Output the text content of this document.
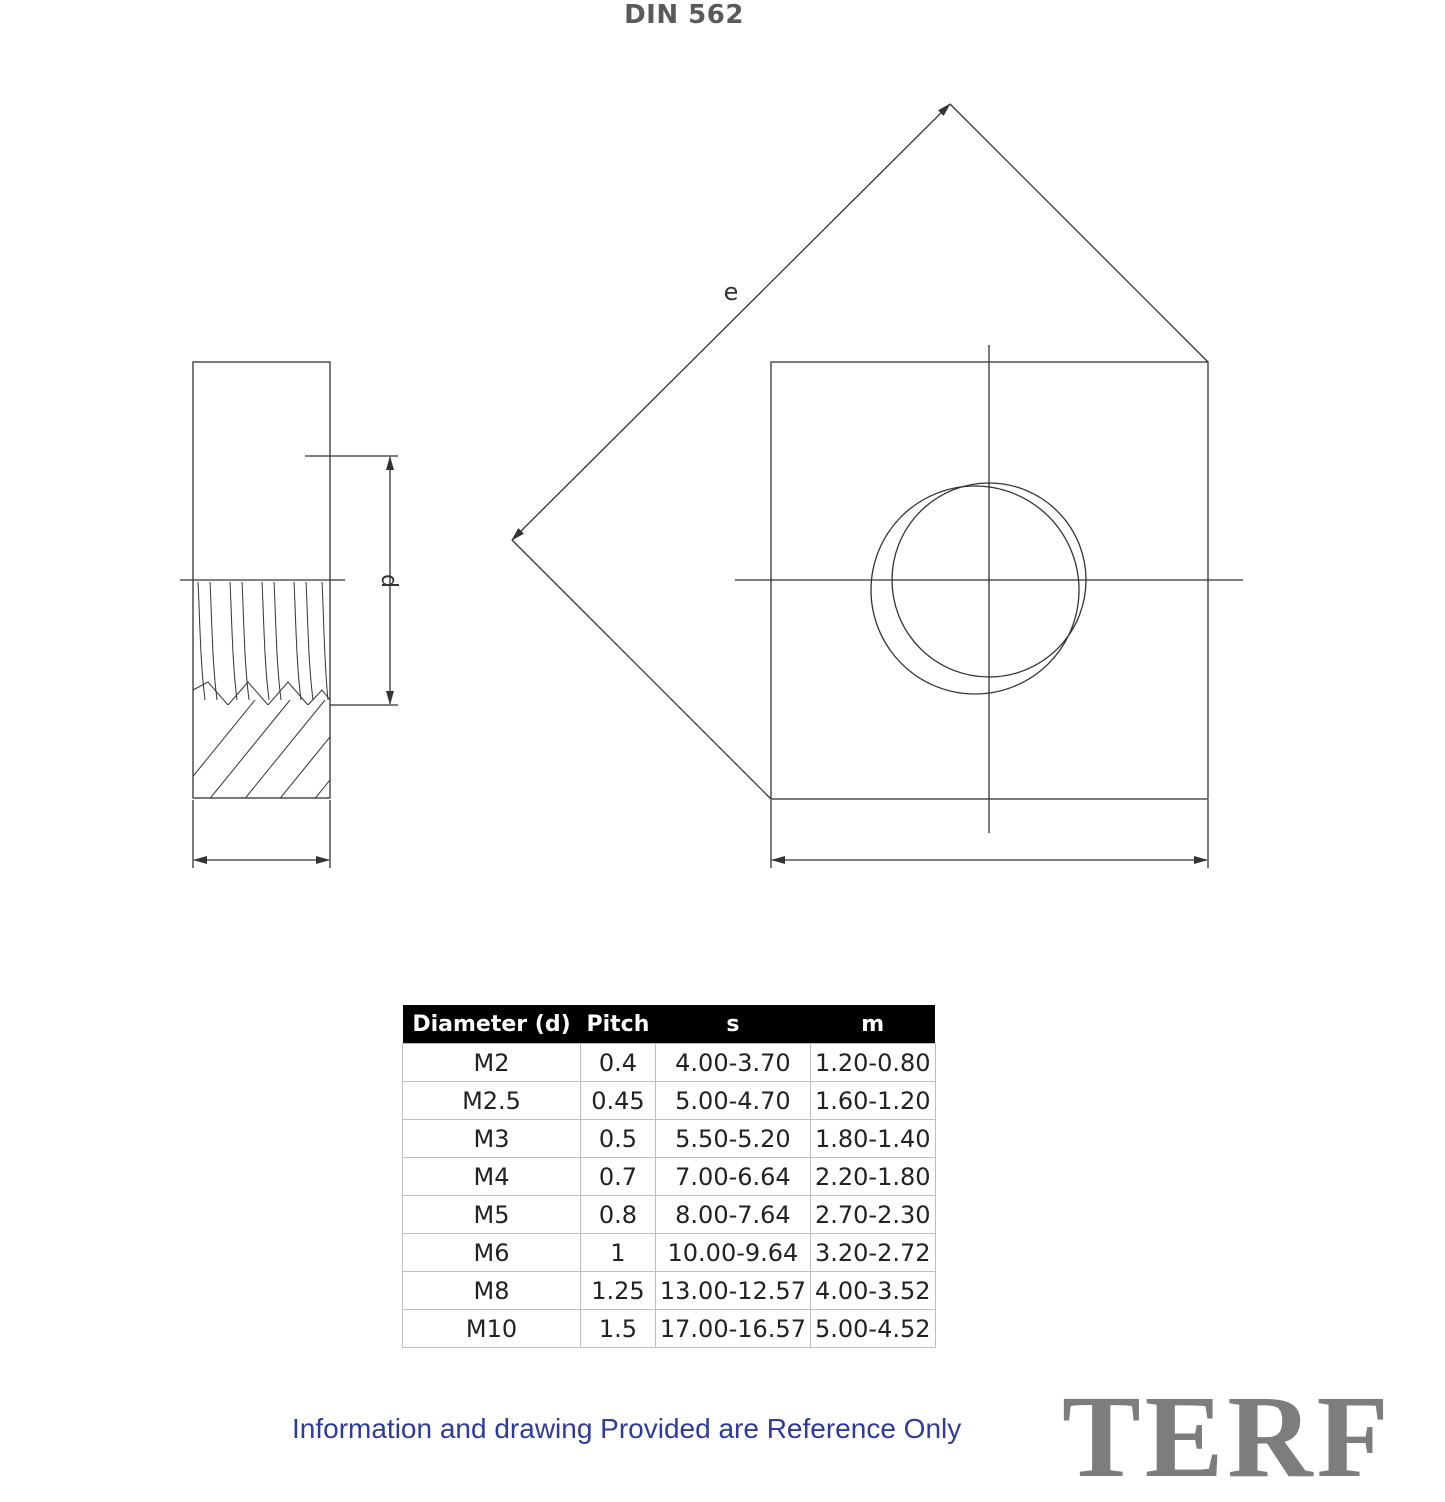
DIN 562
d
e
Diameter (d)	Pitch	s	m
M2	0.4	4.00-3.70	1.20-0.80
M2.5	0.45	5.00-4.70	1.60-1.20
M3	0.5	5.50-5.20	1.80-1.40
M4	0.7	7.00-6.64	2.20-1.80
M5	0.8	8.00-7.64	2.70-2.30
M6	1	10.00-9.64	3.20-2.72
M8	1.25	13.00-12.57	4.00-3.52
M10	1.5	17.00-16.57	5.00-4.52
Information and drawing Provided are Reference Only TERF
